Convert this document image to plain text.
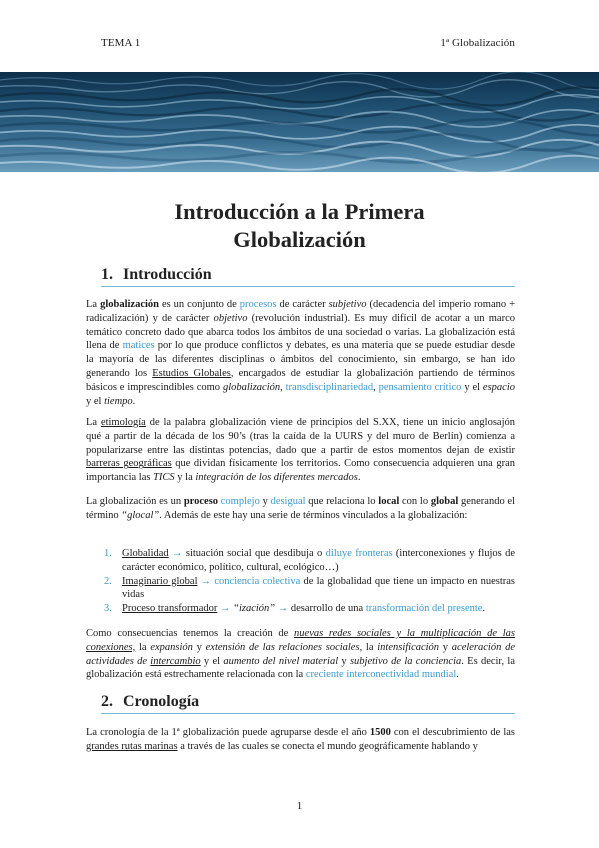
TEMA 1	1ª Globalización
Introducción a la Primera
Globalización
1. Introducción

La globalización es un conjunto de procesos de carácter subjetivo (decadencia del imperio romano + radicalización) y de carácter objetivo (revolución industrial). Es muy difícil de acotar a un marco temático concreto dado que abarca todos los ámbitos de una sociedad o varias. La globalización está llena de matices por lo que produce conflictos y debates, es una materia que se puede estudiar desde la mayoría de las diferentes disciplinas o ámbitos del conocimiento, sin embargo, se han ido generando los Estudios Globales, encargados de estudiar la globalización partiendo de términos básicos e imprescindibles como globalización, transdisciplinariedad, pensamiento crítico y el espacio y el tiempo.

La etimología de la palabra globalización viene de principios del S.XX, tiene un inicio anglosajón qué a partir de la década de los 90’s (tras la caída de la UURS y del muro de Berlín) comienza a popularizarse entre las distintas potencias, dado que a partir de estos momentos dejan de existir barreras geográficas que dividan físicamente los territorios. Como consecuencia adquieren una gran importancia las TICS y la integración de los diferentes mercados.

La globalización es un proceso complejo y desigual que relaciona lo local con lo global generando el término “glocal”. Además de este hay una serie de términos vinculados a la globalización:

1. Globalidad → situación social que desdibuja o diluye fronteras (interconexiones y flujos de carácter económico, político, cultural, ecológico…)
2. Imaginario global → conciencia colectiva de la globalidad que tiene un impacto en nuestras vidas
3. Proceso transformador → “ización” → desarrollo de una transformación del presente.

Como consecuencias tenemos la creación de nuevas redes sociales y la multiplicación de las conexiones, la expansión y extensión de las relaciones sociales, la intensificación y aceleración de actividades de intercambio y el aumento del nivel material y subjetivo de la conciencia. Es decir, la globalización está estrechamente relacionada con la creciente interconectividad mundial.

2. Cronología

La cronología de la 1ª globalización puede agruparse desde el año 1500 con el descubrimiento de las grandes rutas marinas a través de las cuales se conecta el mundo geográficamente hablando y

1
